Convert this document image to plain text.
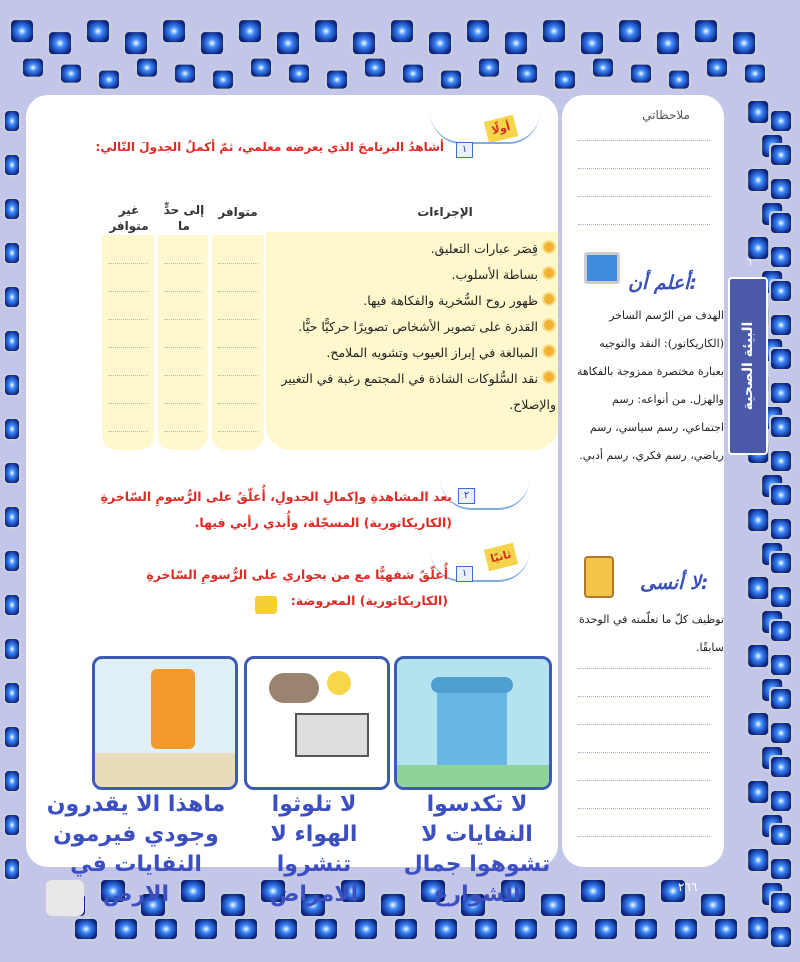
ملاحظاتي
البيئة الصحية
٦
أعلم أن:
الهدف من الرّسم الساخر (الكاريكاتور): النقد والتوجيه بعبارة مختصرة ممزوجة بالفكاهة والهزل. من أنواعه: رسم اجتماعي، رسم سياسي، رسم رياضي، رسم فكري، رسم أدبي.
لا أنسى:
توظيف كلّ ما تعلّمته في الوحدة سابقًا.
أولًا
١
أشاهدُ البرنامجَ الذي يعرضه معلمي، ثمّ أكملُ الجدولَ التّالي:
الإجراءات
متوافر
إلى حدٍّ ما
غير متوافر
قِصَر عبارات التعليق.
بساطة الأسلوب.
ظهور روح السُّخرية والفكاهة فيها.
القدرة على تصوير الأشخاص تصويرًا حركيًّا حيًّا.
المبالغة في إبراز العيوب وتشويه الملامح.
نقد السُّلوكات الشاذة في المجتمع رغبة في التغيير والإصلاح.
٢
بعد المشاهدةِ وإكمالِ الجدولِ، أُعلّقُ على الرُّسومِ السّاخرةِ (الكاريكاتورية) المسجّلة، وأُبدي رأيي فيها.
ثانيًا
١
أُعلّقُ شفهيًّا مع من بجواري على الرُّسومِ السّاخرةِ (الكاريكاتورية) المعروضة:
لا تكدسوا النفايات لا تشوهوا جمال الشوارع
لا تلوثوا الهواء لا تنشروا الامراض
ماهذا الا يقدرون وجودي فيرمون النفايات في الارض	٢٦٦
